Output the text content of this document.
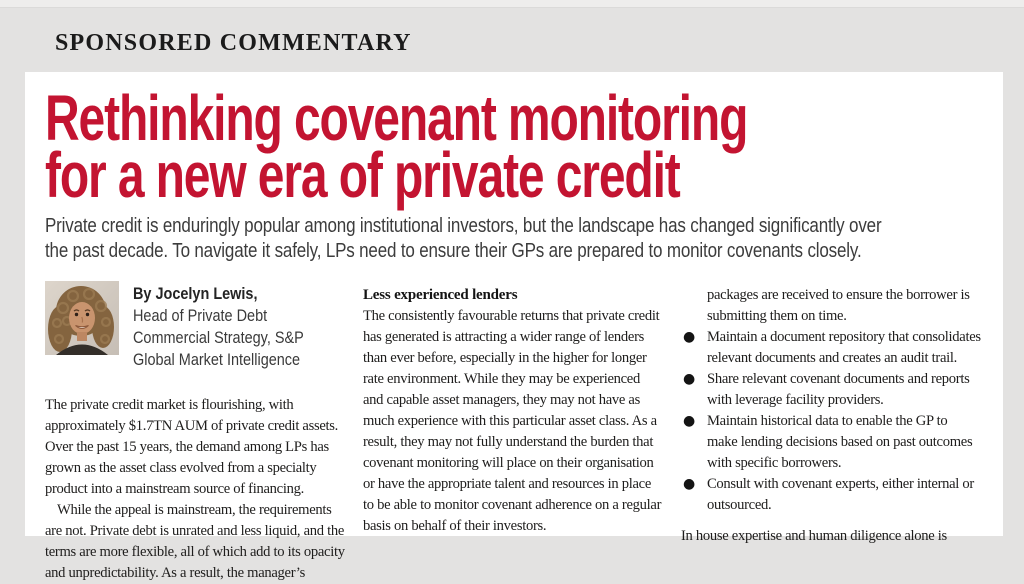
SPONSORED COMMENTARY
Rethinking covenant monitoring
for a new era of private credit
Private credit is enduringly popular among institutional investors, but the landscape has changed significantly over
the past decade. To navigate it safely, LPs need to ensure their GPs are prepared to monitor covenants closely.
By Jocelyn Lewis,
Head of Private Debt
Commercial Strategy, S&P
Global Market Intelligence

The private credit market is flourishing, with approximately $1.7TN AUM of private credit assets. Over the past 15 years, the demand among LPs has grown as the asset class evolved from a specialty product into a mainstream source of financing.

While the appeal is mainstream, the requirements are not. Private debt is unrated and less liquid, and the terms are more flexible, all of which add to its opacity and unpredictability. As a result, the manager’s

Less experienced lenders

The consistently favourable returns that private credit has generated is attracting a wider range of lenders than ever before, especially in the higher for longer rate environment. While they may be experienced and capable asset managers, they may not have as much experience with this particular asset class. As a result, they may not fully understand the burden that covenant monitoring will place on their organisation or have the appropriate talent and resources in place to be able to monitor covenant adherence on a regular basis on behalf of their investors.

packages are received to ensure the borrower is submitting them on time.

● Maintain a document repository that consolidates relevant documents and creates an audit trail.
● Share relevant covenant documents and reports with leverage facility providers.
● Maintain historical data to enable the GP to make lending decisions based on past outcomes with specific borrowers.
● Consult with covenant experts, either internal or outsourced.

In house expertise and human diligence alone is
